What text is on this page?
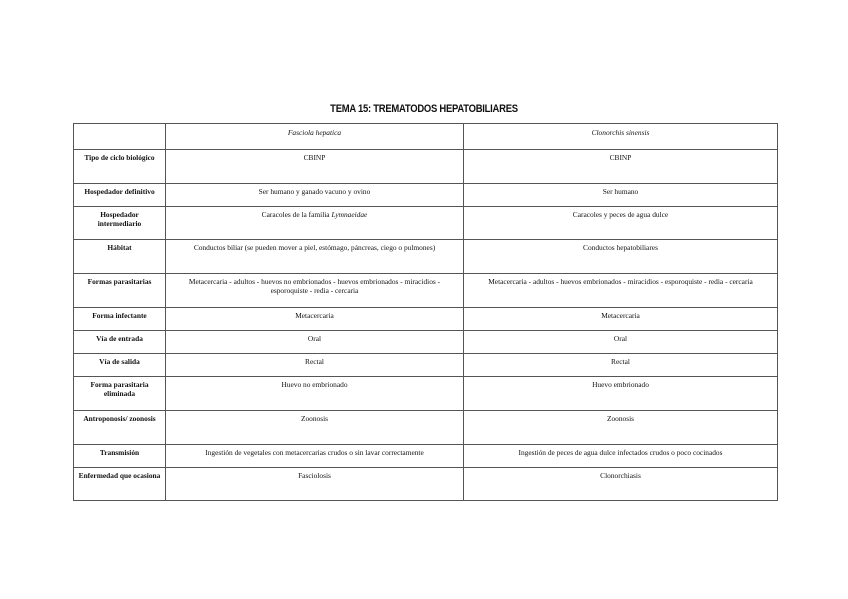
TEMA 15: TREMATODOS HEPATOBILIARES
	Fasciola hepatica	Clonorchis sinensis
Tipo de ciclo biológico	CBINP	CBINP
Hospedador definitivo	Ser humano y ganado vacuno y ovino	Ser humano
Hospedador intermediario	Caracoles de la familia Lymnaeidae	Caracoles y peces de agua dulce
Hábitat	Conductos biliar (se pueden mover a piel, estómago, páncreas, ciego o pulmones)	Conductos hepatobiliares
Formas parasitarias	Metacercaria - adultos - huevos no embrionados - huevos embrionados - miracidios - esporoquiste - redia - cercaria	Metacercaria - adultos - huevos embrionados - miracidios - esporoquiste - redia - cercaria
Forma infectante	Metacercaria	Metacercaria
Vía de entrada	Oral	Oral
Vía de salida	Rectal	Rectal
Forma parasitaria eliminada	Huevo no embrionado	Huevo embrionado
Antroponosis/ zoonosis	Zoonosis	Zoonosis
Transmisión	Ingestión de vegetales con metacercarias crudos o sin lavar correctamente	Ingestión de peces de agua dulce infectados crudos o poco cocinados
Enfermedad que ocasiona	Fasciolosis	Clonorchiasis
